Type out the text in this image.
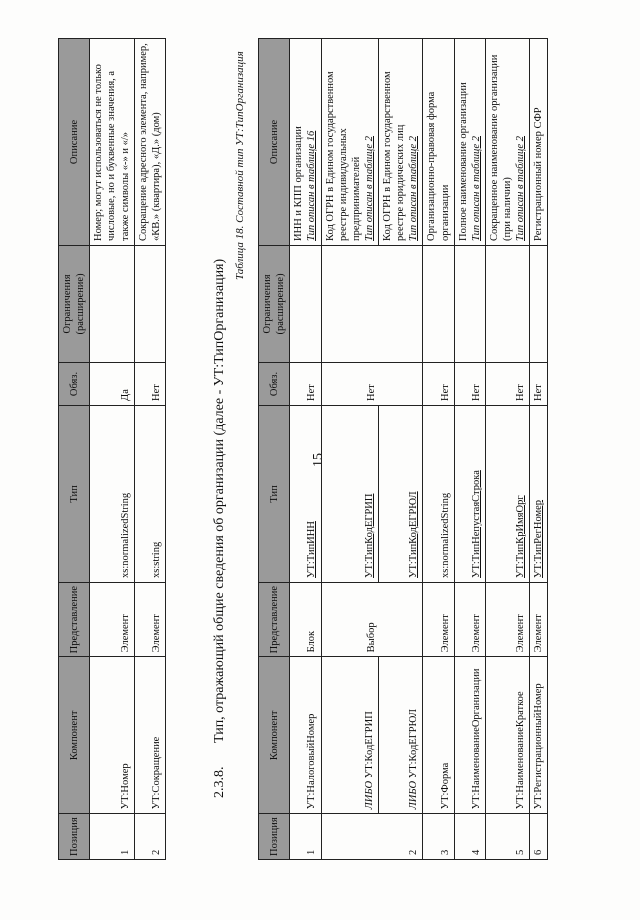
15
Позиция	Компонент	Представление	Тип	Обяз.	Ограничения (расширение)	Описание
1	УТ:Номер	Элемент	xs:normalizedString	Да		Номер; могут использоваться не только числовые, но и буквенные значения, а также символы «-» и «/»
2	УТ:Сокращение	Элемент	xs:string	Нет		Сокращение адресного элемента, например, «КВ.» (квартира), «Д.» (дом)
2.3.8. Тип, отражающий общие сведения об организации (далее - УТ:ТипОрганизация)
Таблица 18. Составной тип УТ:ТипОрганизация
Позиция	Компонент	Представление	Тип	Обяз.	Ограничения (расширение)	Описание
1	УТ:НалоговыйНомер	Блок	УТ:ТипИНН	Нет		ИНН и КПП организации Тип описан в таблице 16

2	ЛИБО УТ:КодЕГРИП	Выбор	УТ:ТипКодЕГРИП	Нет		Код ОГРН в Едином государственном реестре индивидуальных предпринимателей Тип описан в таблице 2

	ЛИБО УТ:КодЕГРЮЛ		УТ:ТипКодЕГРЮЛ			Код ОГРН в Едином государственном реестре юридических лиц Тип описан в таблице 2

3	УТ:Форма	Элемент	xs:normalizedString	Нет		Организационно-правовая форма организации
4	УТ:НаименованиеОрганизации	Элемент	УТ:ТипНепустаяСтрока	Нет		Полное наименование организации Тип описан в таблице 2

5	УТ:НаименованиеКраткое	Элемент	УТ:ТипКрИмяОрг	Нет		Сокращенное наименование организации (при наличии) Тип описан в таблице 2

6	УТ:РегистрационныйНомер	Элемент	УТ:ТипРегНомер	Нет		Регистрационный номер СФР
